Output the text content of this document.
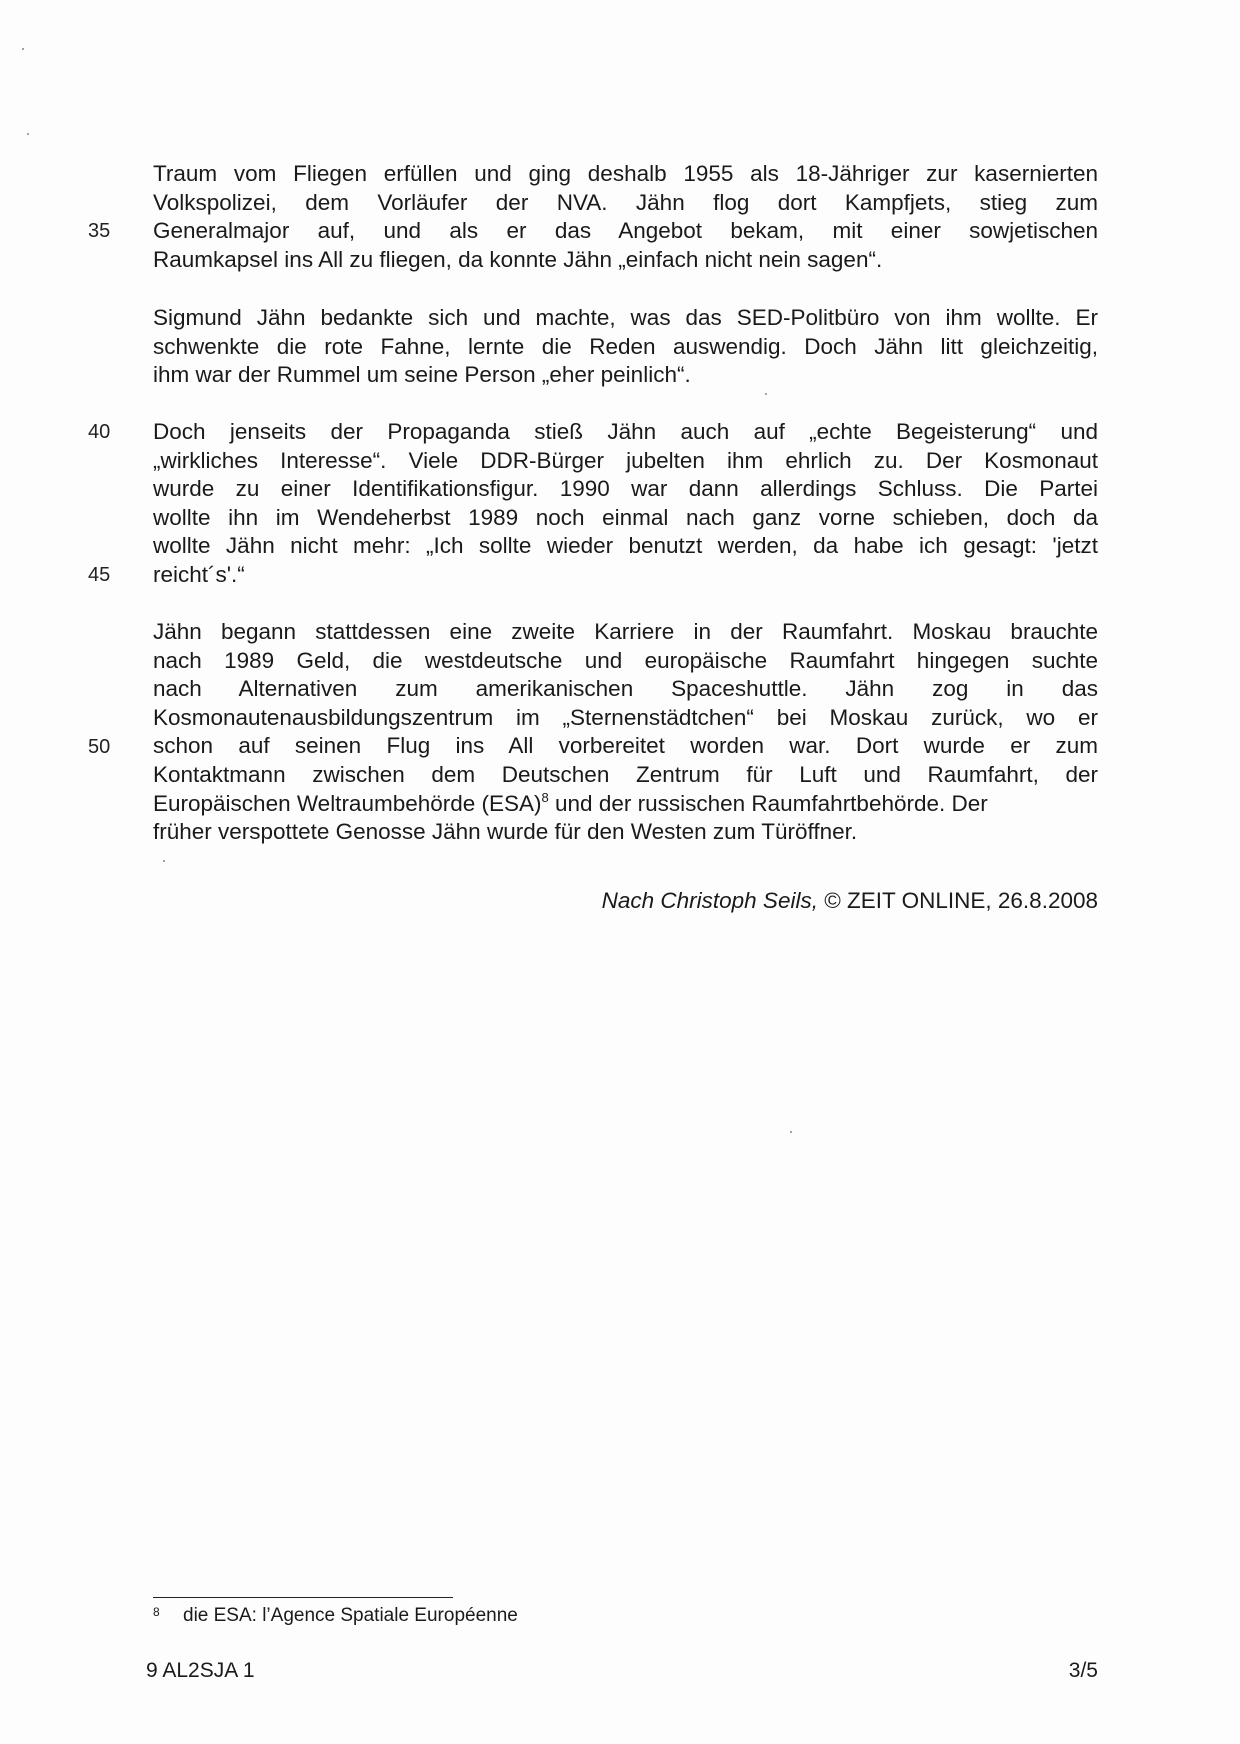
Traum vom Fliegen erfüllen und ging deshalb 1955 als 18-Jähriger zur kasernierten
Volkspolizei, dem Vorläufer der NVA. Jähn flog dort Kampfjets, stieg zum
Generalmajor auf, und als er das Angebot bekam, mit einer sowjetischen
Raumkapsel ins All zu fliegen, da konnte Jähn „einfach nicht nein sagen“.
35
Sigmund Jähn bedankte sich und machte, was das SED-Politbüro von ihm wollte. Er
schwenkte die rote Fahne, lernte die Reden auswendig. Doch Jähn litt gleichzeitig,
ihm war der Rummel um seine Person „eher peinlich“.
Doch jenseits der Propaganda stieß Jähn auch auf „echte Begeisterung“ und
„wirkliches Interesse“. Viele DDR-Bürger jubelten ihm ehrlich zu. Der Kosmonaut
wurde zu einer Identifikationsfigur. 1990 war dann allerdings Schluss. Die Partei
wollte ihn im Wendeherbst 1989 noch einmal nach ganz vorne schieben, doch da
wollte Jähn nicht mehr: „Ich sollte wieder benutzt werden, da habe ich gesagt: 'jetzt
reicht´s'.“
40
45
Jähn begann stattdessen eine zweite Karriere in der Raumfahrt. Moskau brauchte
nach 1989 Geld, die westdeutsche und europäische Raumfahrt hingegen suchte
nach Alternativen zum amerikanischen Spaceshuttle. Jähn zog in das
Kosmonautenausbildungszentrum im „Sternenstädtchen“ bei Moskau zurück, wo er
schon auf seinen Flug ins All vorbereitet worden war. Dort wurde er zum
Kontaktmann zwischen dem Deutschen Zentrum für Luft und Raumfahrt, der
Europäischen Weltraumbehörde (ESA)$^8$ und der russischen Raumfahrtbehörde. Der
früher verspottete Genosse Jähn wurde für den Westen zum Türöffner.
50
Nach Christoph Seils, © ZEIT ONLINE, 26.8.2008
8 die ESA: l’Agence Spatiale Européenne
9 AL2SJA 1	3/5
